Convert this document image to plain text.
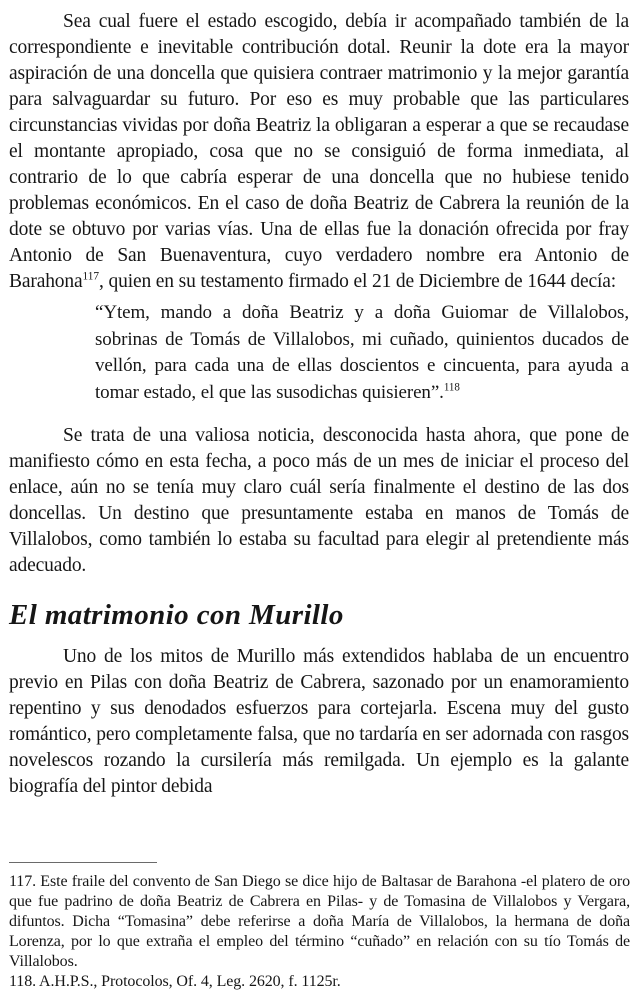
Sea cual fuere el estado escogido, debía ir acompañado también de la correspondiente e inevitable contribución dotal. Reunir la dote era la mayor aspiración de una doncella que quisiera contraer matrimonio y la mejor garantía para salvaguardar su futuro. Por eso es muy probable que las particulares circunstancias vividas por doña Beatriz la obligaran a esperar a que se recaudase el montante apropiado, cosa que no se consiguió de forma inmediata, al contrario de lo que cabría esperar de una doncella que no hubiese tenido problemas económicos. En el caso de doña Beatriz de Cabrera la reunión de la dote se obtuvo por varias vías. Una de ellas fue la donación ofrecida por fray Antonio de San Buenaventura, cuyo verdadero nombre era Antonio de Barahona$^{117}$, quien en su testamento firmado el 21 de Diciembre de 1644 decía:

“Ytem, mando a doña Beatriz y a doña Guiomar de Villalobos, sobrinas de Tomás de Villalobos, mi cuñado, quinientos ducados de vellón, para cada una de ellas doscientos e cincuenta, para ayuda a tomar estado, el que las susodichas quisieren”.$^{118}$

Se trata de una valiosa noticia, desconocida hasta ahora, que pone de manifiesto cómo en esta fecha, a poco más de un mes de iniciar el proceso del enlace, aún no se tenía muy claro cuál sería finalmente el destino de las dos doncellas. Un destino que presuntamente estaba en manos de Tomás de Villalobos, como también lo estaba su facultad para elegir al pretendiente más adecuado.

El matrimonio con Murillo

Uno de los mitos de Murillo más extendidos hablaba de un encuentro previo en Pilas con doña Beatriz de Cabrera, sazonado por un enamoramiento repentino y sus denodados esfuerzos para cortejarla. Escena muy del gusto romántico, pero completamente falsa, que no tardaría en ser adornada con rasgos novelescos rozando la cursilería más remilgada. Un ejemplo es la galante biografía del pintor debida

117. Este fraile del convento de San Diego se dice hijo de Baltasar de Barahona -el platero de oro que fue padrino de doña Beatriz de Cabrera en Pilas- y de Tomasina de Villalobos y Vergara, difuntos. Dicha “Tomasina” debe referirse a doña María de Villalobos, la hermana de doña Lorenza, por lo que extraña el empleo del término “cuñado” en relación con su tío Tomás de Villalobos.

118. A.H.P.S., Protocolos, Of. 4, Leg. 2620, f. 1125r.
